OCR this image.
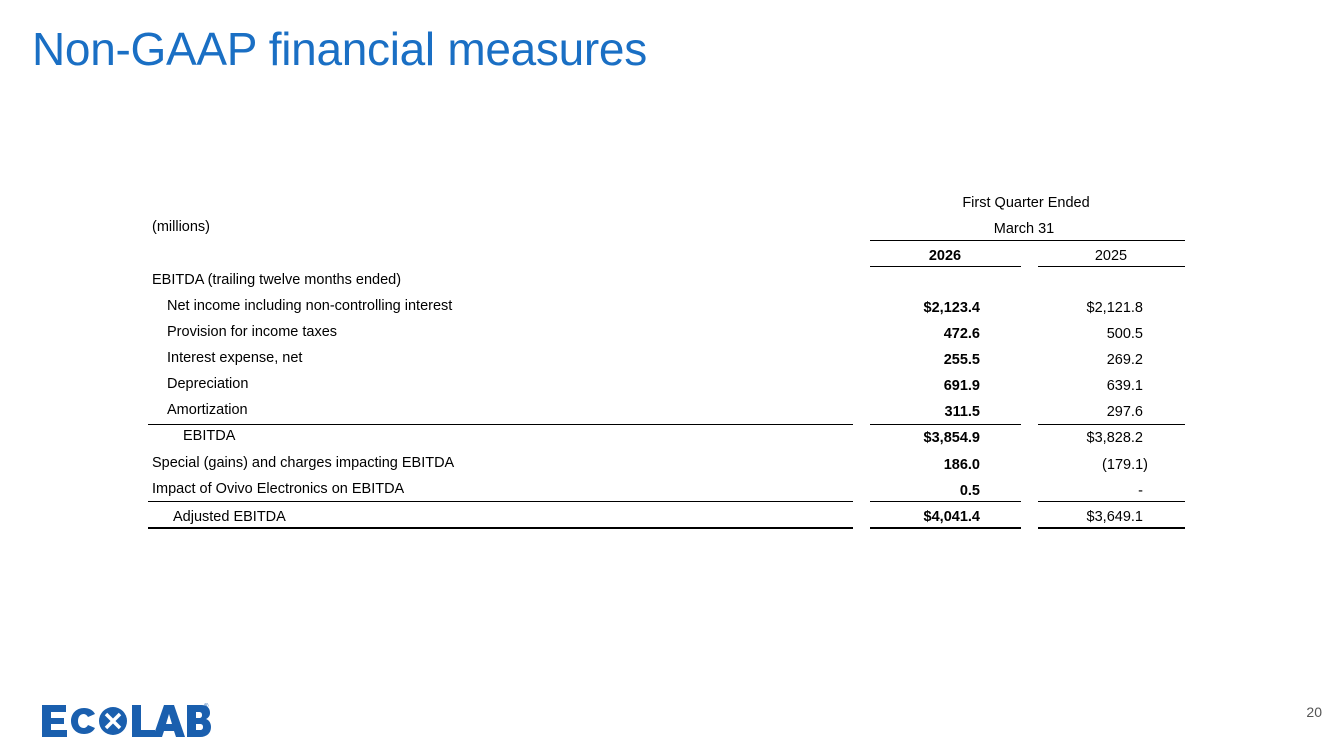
Non-GAAP financial measures
First Quarter Ended
(millions)	March 31
2026	2025
EBITDA (trailing twelve months ended)
Net income including non-controlling interest	$2,123.4	$2,121.8
Provision for income taxes	472.6	500.5
Interest expense, net	255.5	269.2
Depreciation	691.9	639.1
Amortization	311.5	297.6
EBITDA	$3,854.9	$3,828.2
Special (gains) and charges impacting EBITDA	186.0	(179.1)
Impact of Ovivo Electronics on EBITDA	0.5	-
Adjusted EBITDA	$4,041.4	$3,649.1
®	20
